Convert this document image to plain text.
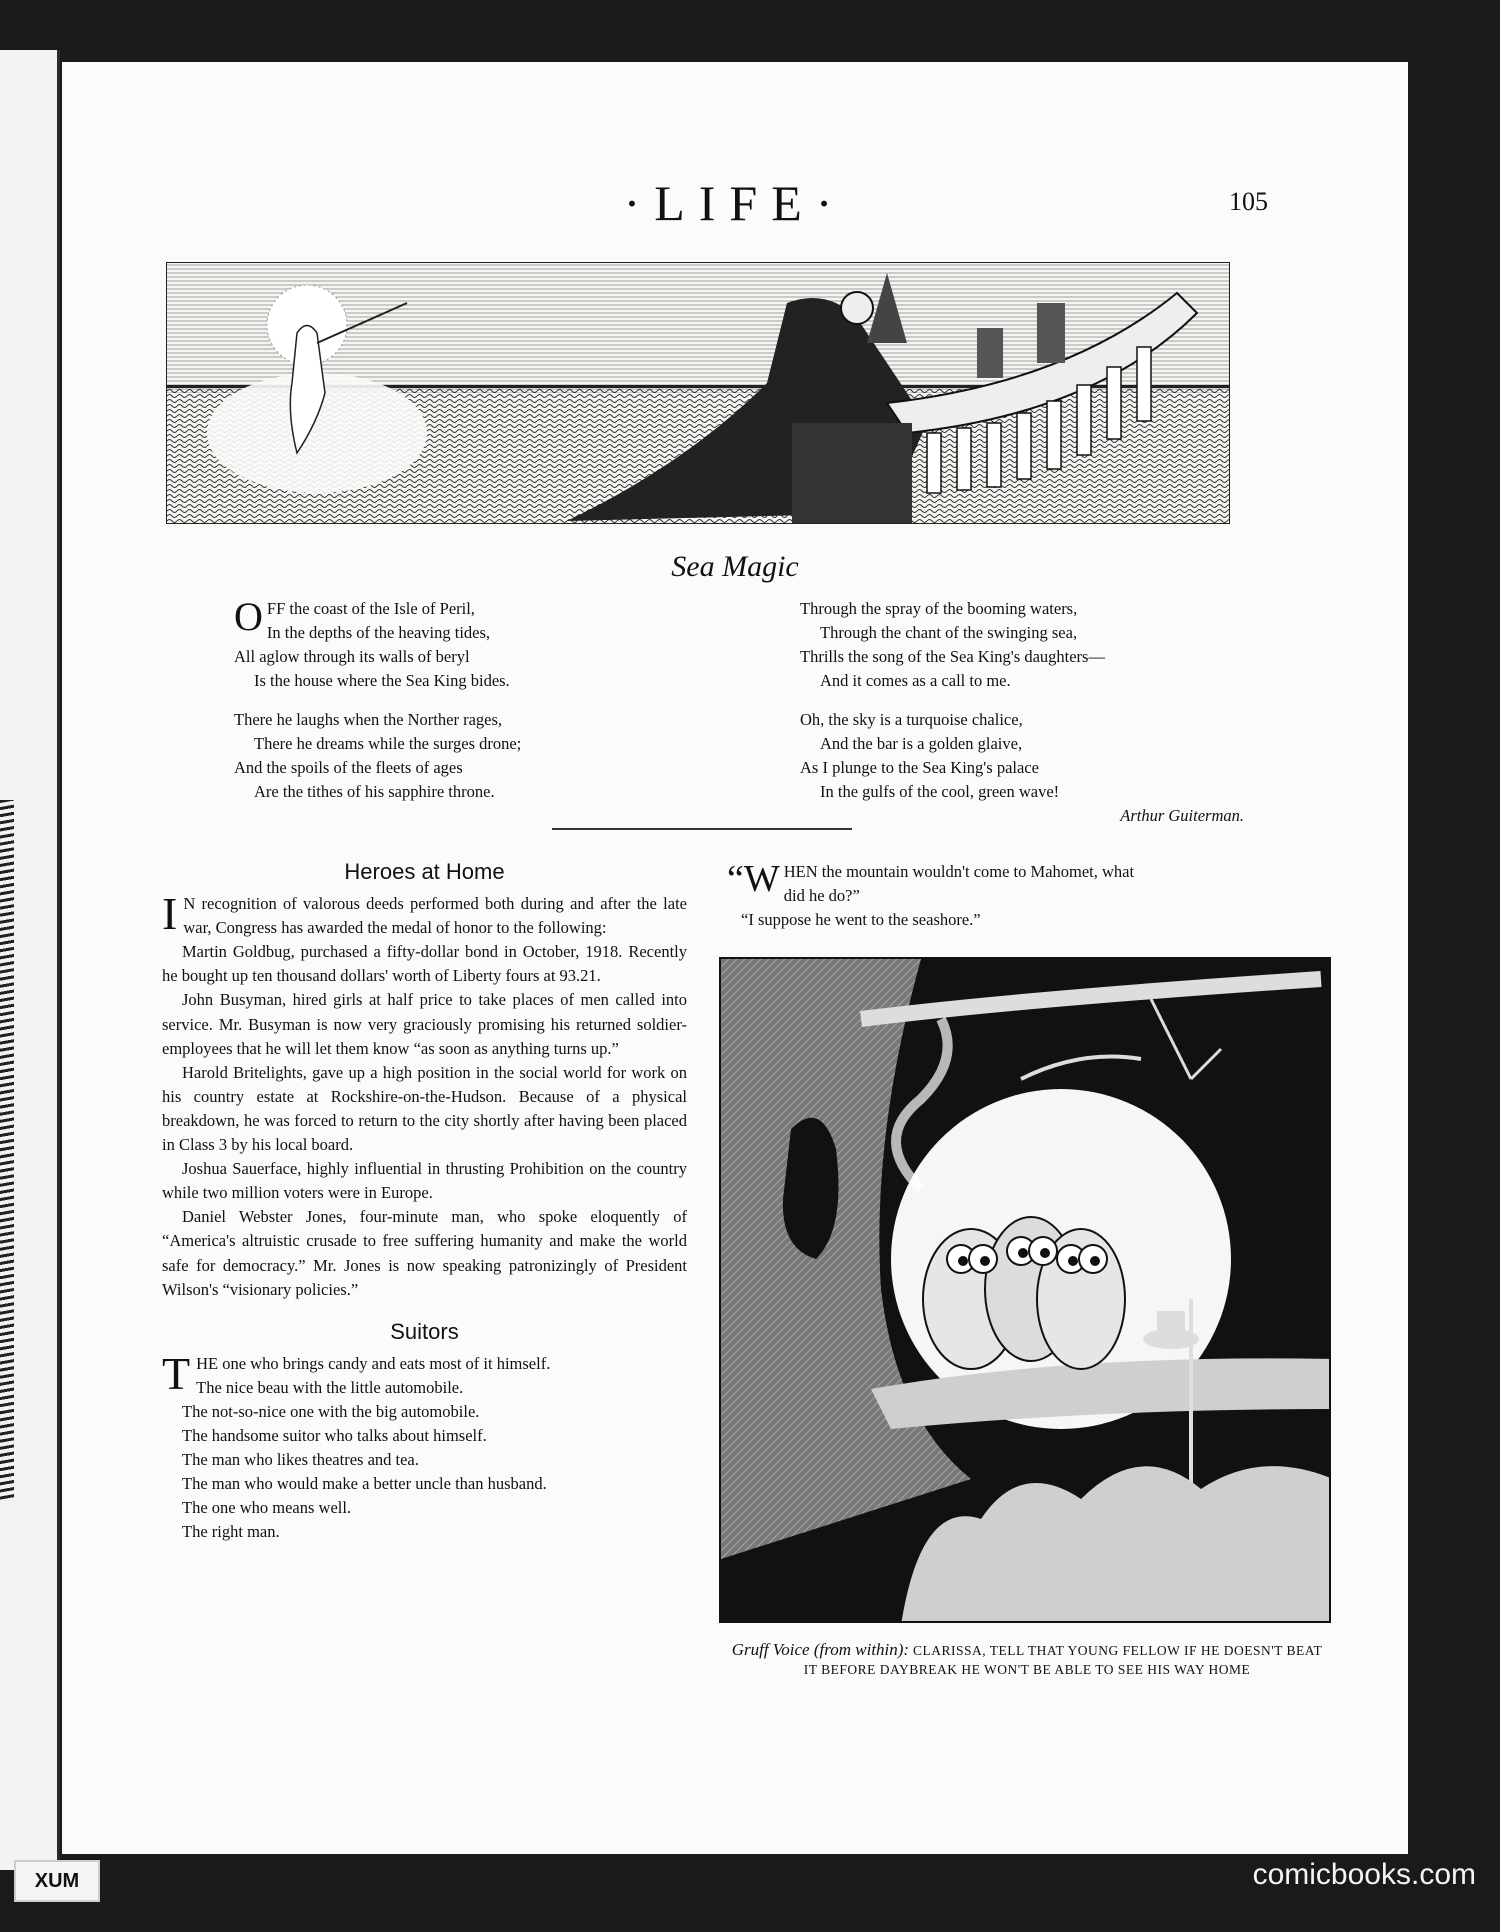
·LIFE·	105
Sea Magic
O FF the coast of the Isle of Peril,
In the depths of the heaving tides,
All aglow through its walls of beryl
Is the house where the Sea King bides.
There he laughs when the Norther rages,
There he dreams while the surges drone;
And the spoils of the fleets of ages
Are the tithes of his sapphire throne.
Through the spray of the booming waters,
Through the chant of the swinging sea,
Thrills the song of the Sea King's daughters—
And it comes as a call to me.
Oh, the sky is a turquoise chalice,
And the bar is a golden glaive,
As I plunge to the Sea King's palace
In the gulfs of the cool, green wave!
Arthur Guiterman.
Heroes at Home
I N recognition of valorous deeds performed both during and after the late war, Congress has awarded the medal of honor to the following:
Martin Goldbug, purchased a fifty-dollar bond in October, 1918. Recently he bought up ten thousand dollars' worth of Liberty fours at 93.21.
John Busyman, hired girls at half price to take places of men called into service. Mr. Busyman is now very graciously promising his returned soldier-employees that he will let them know “as soon as anything turns up.”
Harold Britelights, gave up a high position in the social world for work on his country estate at Rockshire-on-the-Hudson. Because of a physical breakdown, he was forced to return to the city shortly after having been placed in Class 3 by his local board.
Joshua Sauerface, highly influential in thrusting Prohibition on the country while two million voters were in Europe.
Daniel Webster Jones, four-minute man, who spoke eloquently of “America's altruistic crusade to free suffering humanity and make the world safe for democracy.” Mr. Jones is now speaking patronizingly of President Wilson's “visionary policies.”
Suitors
T HE one who brings candy and eats most of it himself.
The nice beau with the little automobile.
The not-so-nice one with the big automobile.
The handsome suitor who talks about himself.
The man who likes theatres and tea.
The man who would make a better uncle than husband.
The one who means well.
The right man.
“W HEN the mountain wouldn't come to Mahomet, what
did he do?”
“I suppose he went to the seashore.”
Gruff Voice (from within): CLARISSA, TELL THAT YOUNG FELLOW IF HE DOESN'T BEAT IT BEFORE DAYBREAK HE WON'T BE ABLE TO SEE HIS WAY HOME
XUM	comicbooks.com
